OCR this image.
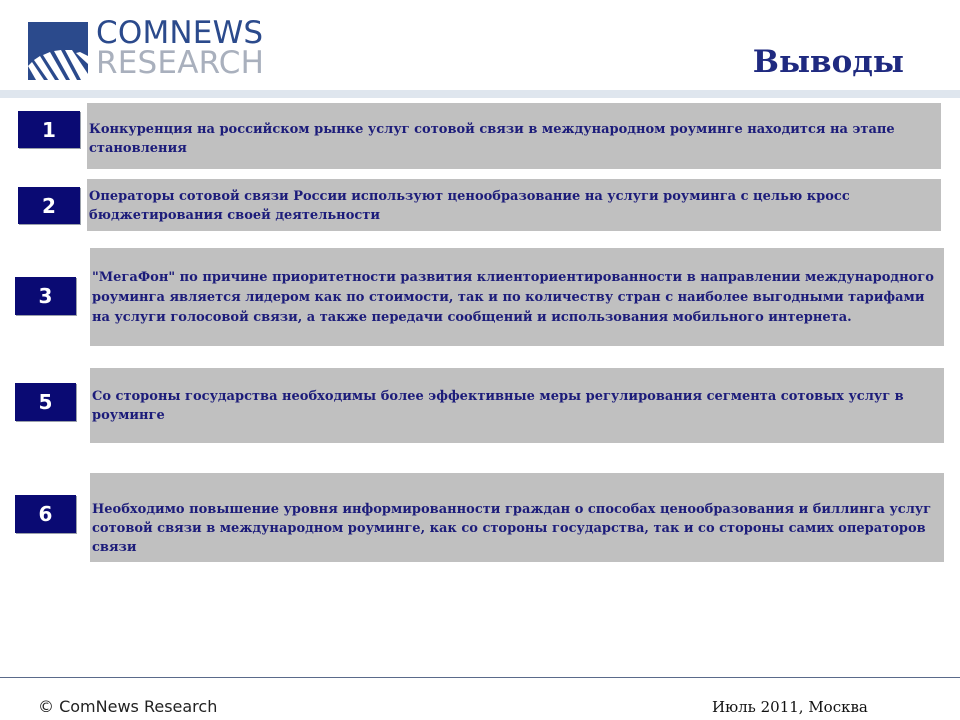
COMNEWS
RESEARCH	Выводы
1	Конкуренция на российском рынке услуг сотовой связи в международном роуминге находится на этапе становления
2	Операторы сотовой связи России используют ценообразование на услуги роуминга с целью кросс бюджетирования своей деятельности
3
"МегаФон" по причине приоритетности развития клиенториентированности в направлении международного роуминга является лидером как по стоимости, так и по количеству стран с наиболее выгодными тарифами на услуги голосовой связи, а также передачи сообщений и использования мобильного интернета.
5	Со стороны государства необходимы более эффективные меры регулирования сегмента сотовых услуг в роуминге
6	Необходимо повышение уровня информированности граждан о способах ценообразования и биллинга услуг сотовой связи в международном роуминге, как со стороны государства, так и со стороны самих операторов связи
© ComNews Research	Июль 2011, Москва
